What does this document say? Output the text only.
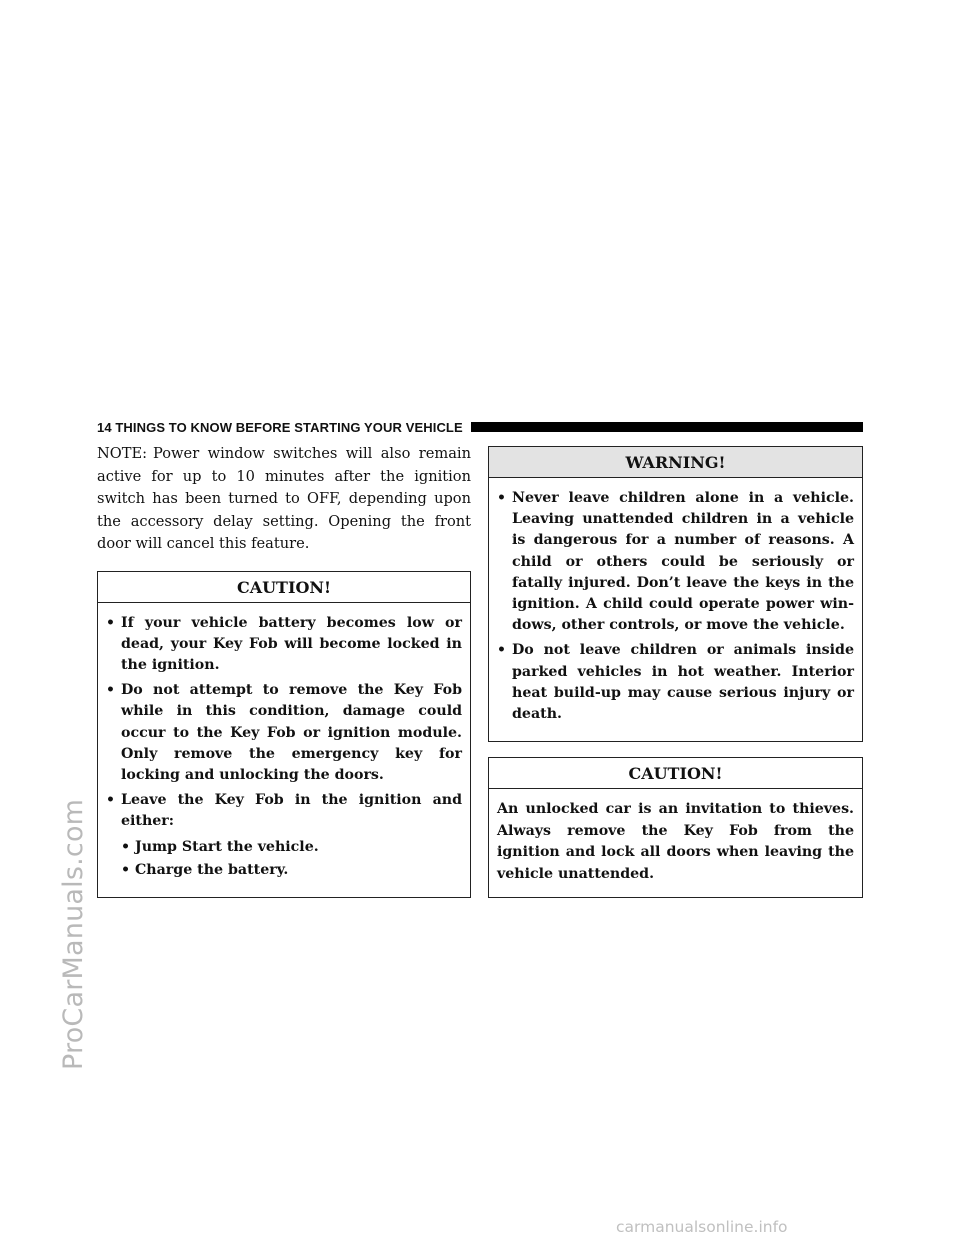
ProCarManuals.com
14 THINGS TO KNOW BEFORE STARTING YOUR VEHICLE

NOTE: Power window switches will also remain active for up to 10 minutes after the ignition switch has been turned to OFF, depending upon the accessory delay setting. Opening the front door will cancel this feature.

CAUTION!
• If your vehicle battery becomes low or dead, your Key Fob will become locked in the ignition.
• Do not attempt to remove the Key Fob while in this condition, damage could occur to the Key Fob or ignition module. Only remove the emergency key for locking and unlocking the doors.
• Leave the Key Fob in the ignition and either:
• Jump Start the vehicle.
• Charge the battery.
WARNING!
• Never leave children alone in a vehicle. Leaving unattended children in a vehicle is dangerous for a number of reasons. A child or others could be seriously or fatally injured. Don’t leave the keys in the ignition. A child could operate power windows, other controls, or move the vehicle.
• Do not leave children or animals inside parked vehicles in hot weather. Interior heat build-up may cause serious injury or death.
CAUTION!

An unlocked car is an invitation to thieves. Always remove the Key Fob from the ignition and lock all doors when leaving the vehicle unattended.

carmanualsonline.info
